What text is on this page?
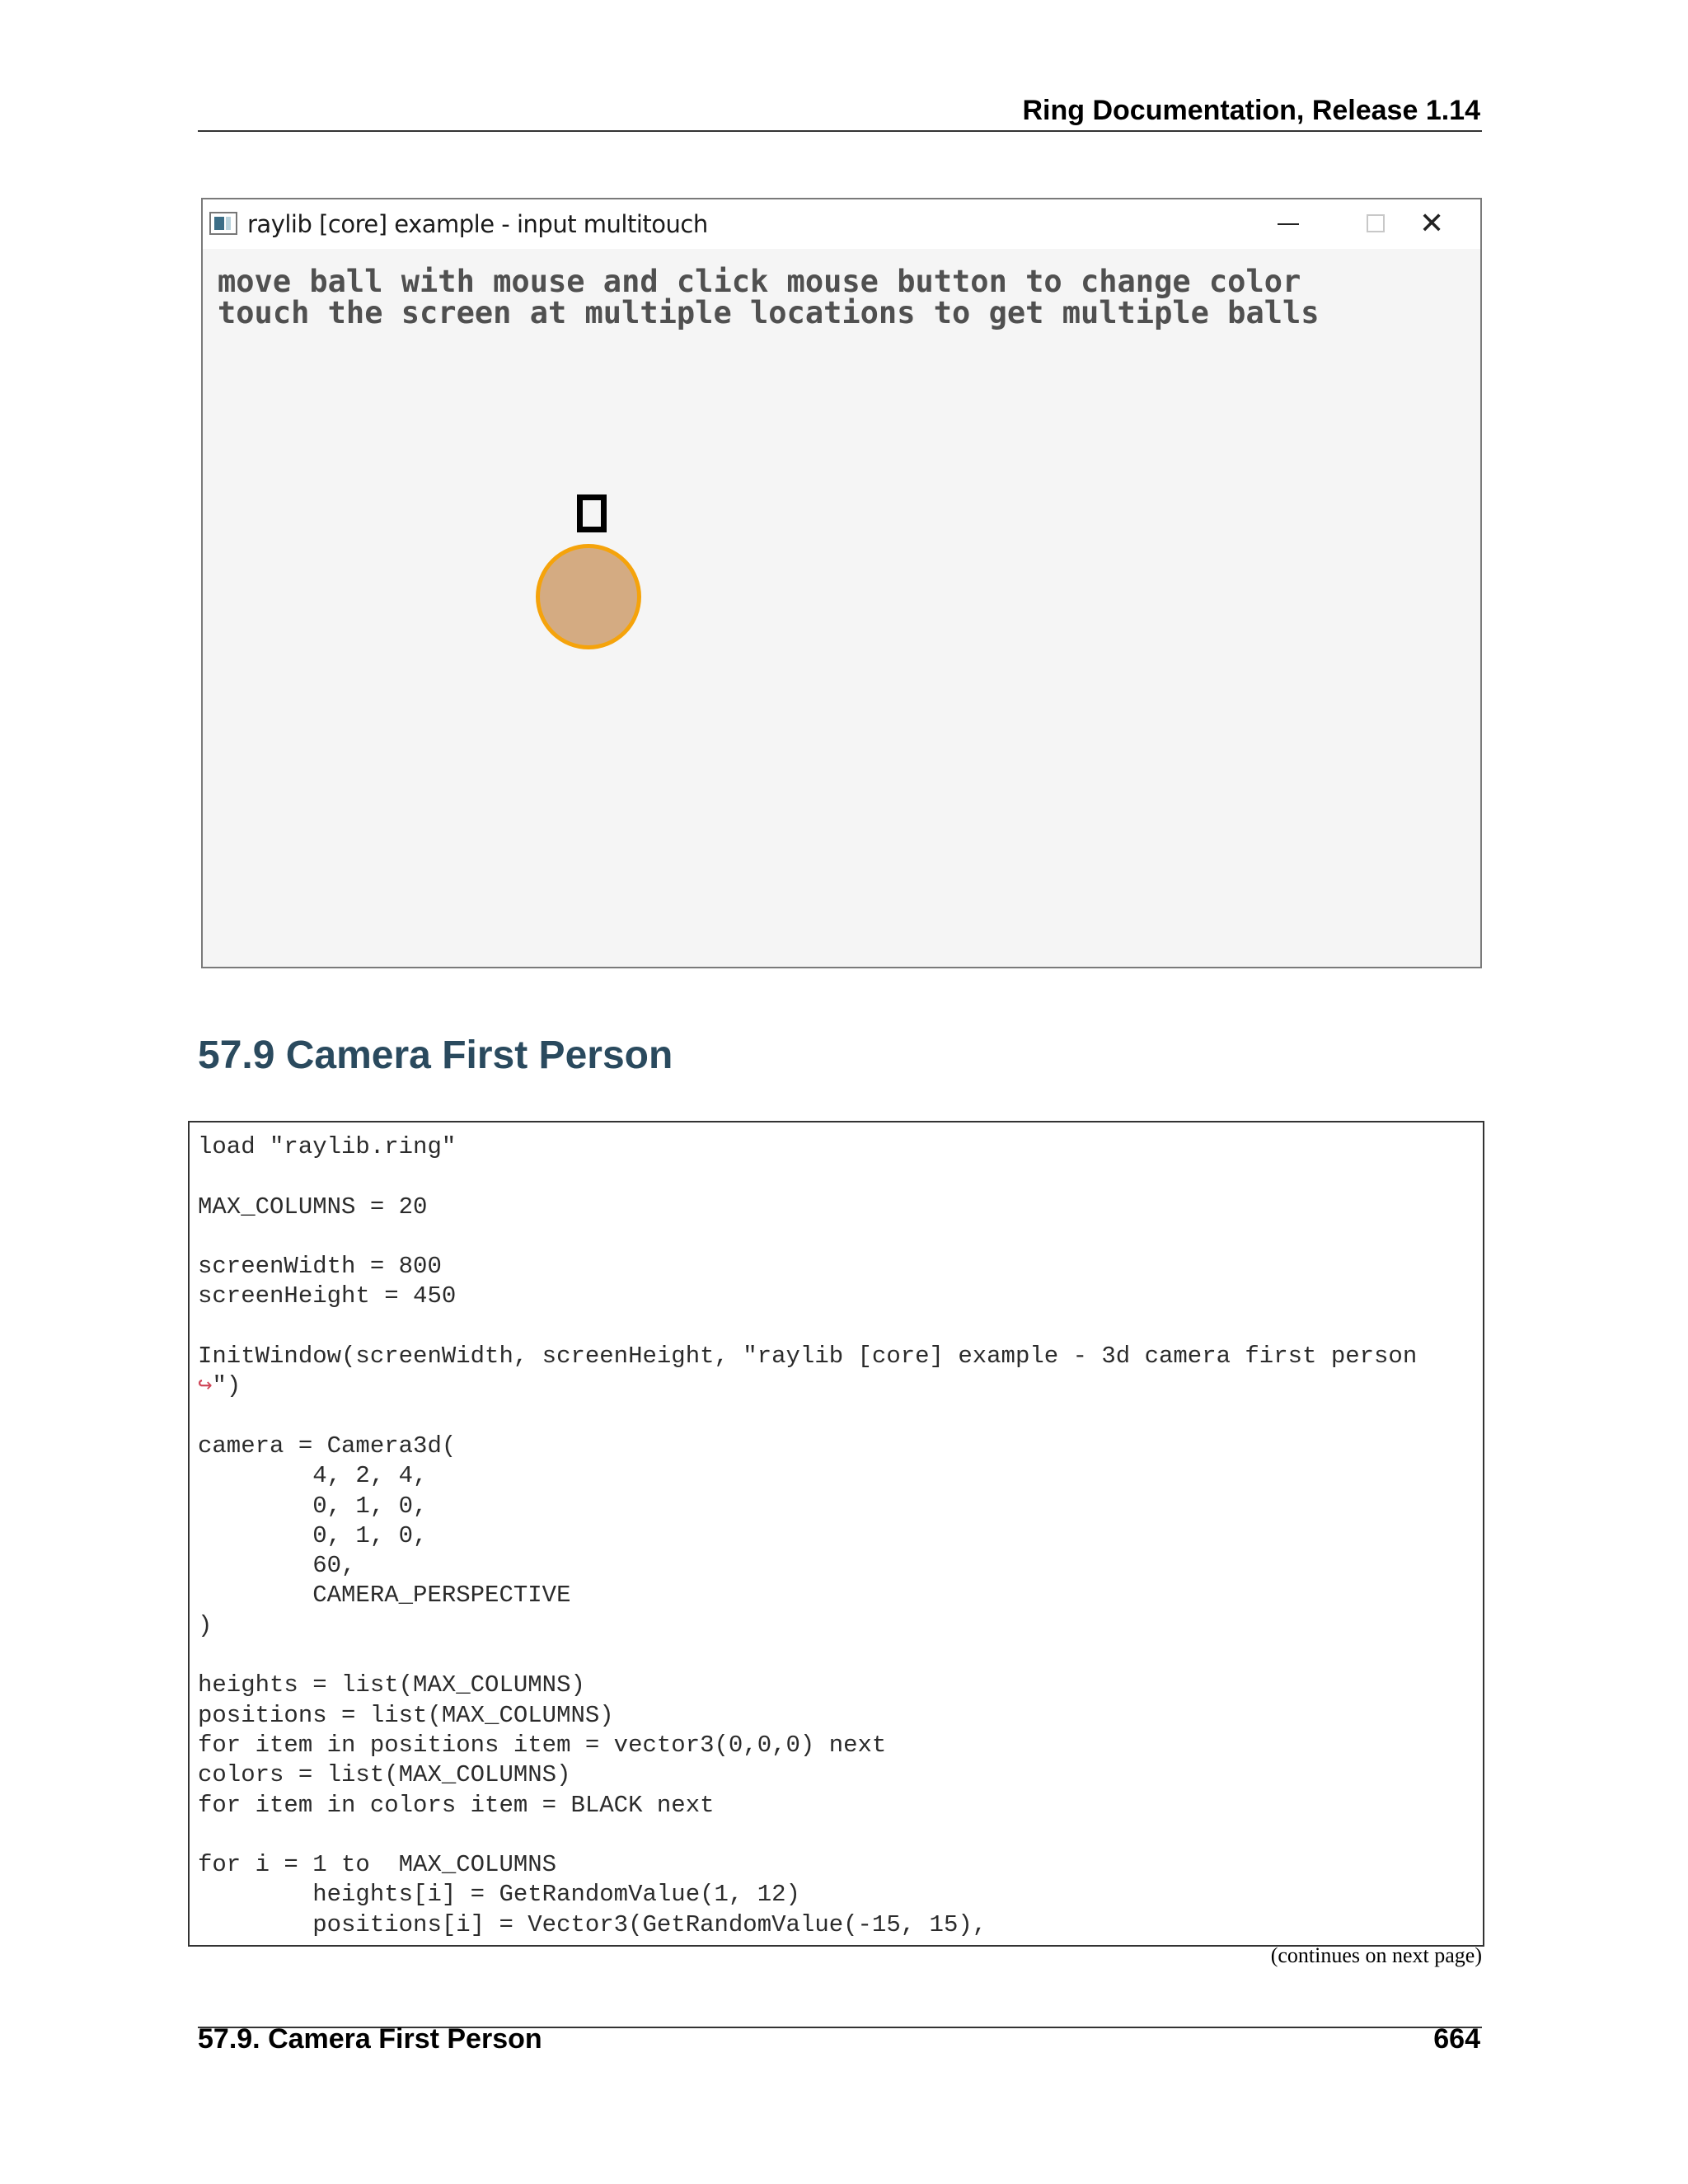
Ring Documentation, Release 1.14
raylib [core] example - input multitouch	✕
move ball with mouse and click mouse button to change color
touch the screen at multiple locations to get multiple balls
57.9 Camera First Person
load "raylib.ring"
MAX_COLUMNS = 20
screenWidth = 800
screenHeight = 450
InitWindow(screenWidth, screenHeight, "raylib [core] example - 3d camera first person
↪")
camera = Camera3d(
4, 2, 4,
0, 1, 0,
0, 1, 0,
60,
CAMERA_PERSPECTIVE
)
heights = list(MAX_COLUMNS)
positions = list(MAX_COLUMNS)
for item in positions item = vector3(0,0,0) next
colors = list(MAX_COLUMNS)
for item in colors item = BLACK next
for i = 1 to  MAX_COLUMNS
heights[i] = GetRandomValue(1, 12)
positions[i] = Vector3(GetRandomValue(-15, 15),
(continues on next page)
57.9. Camera First Person	664
